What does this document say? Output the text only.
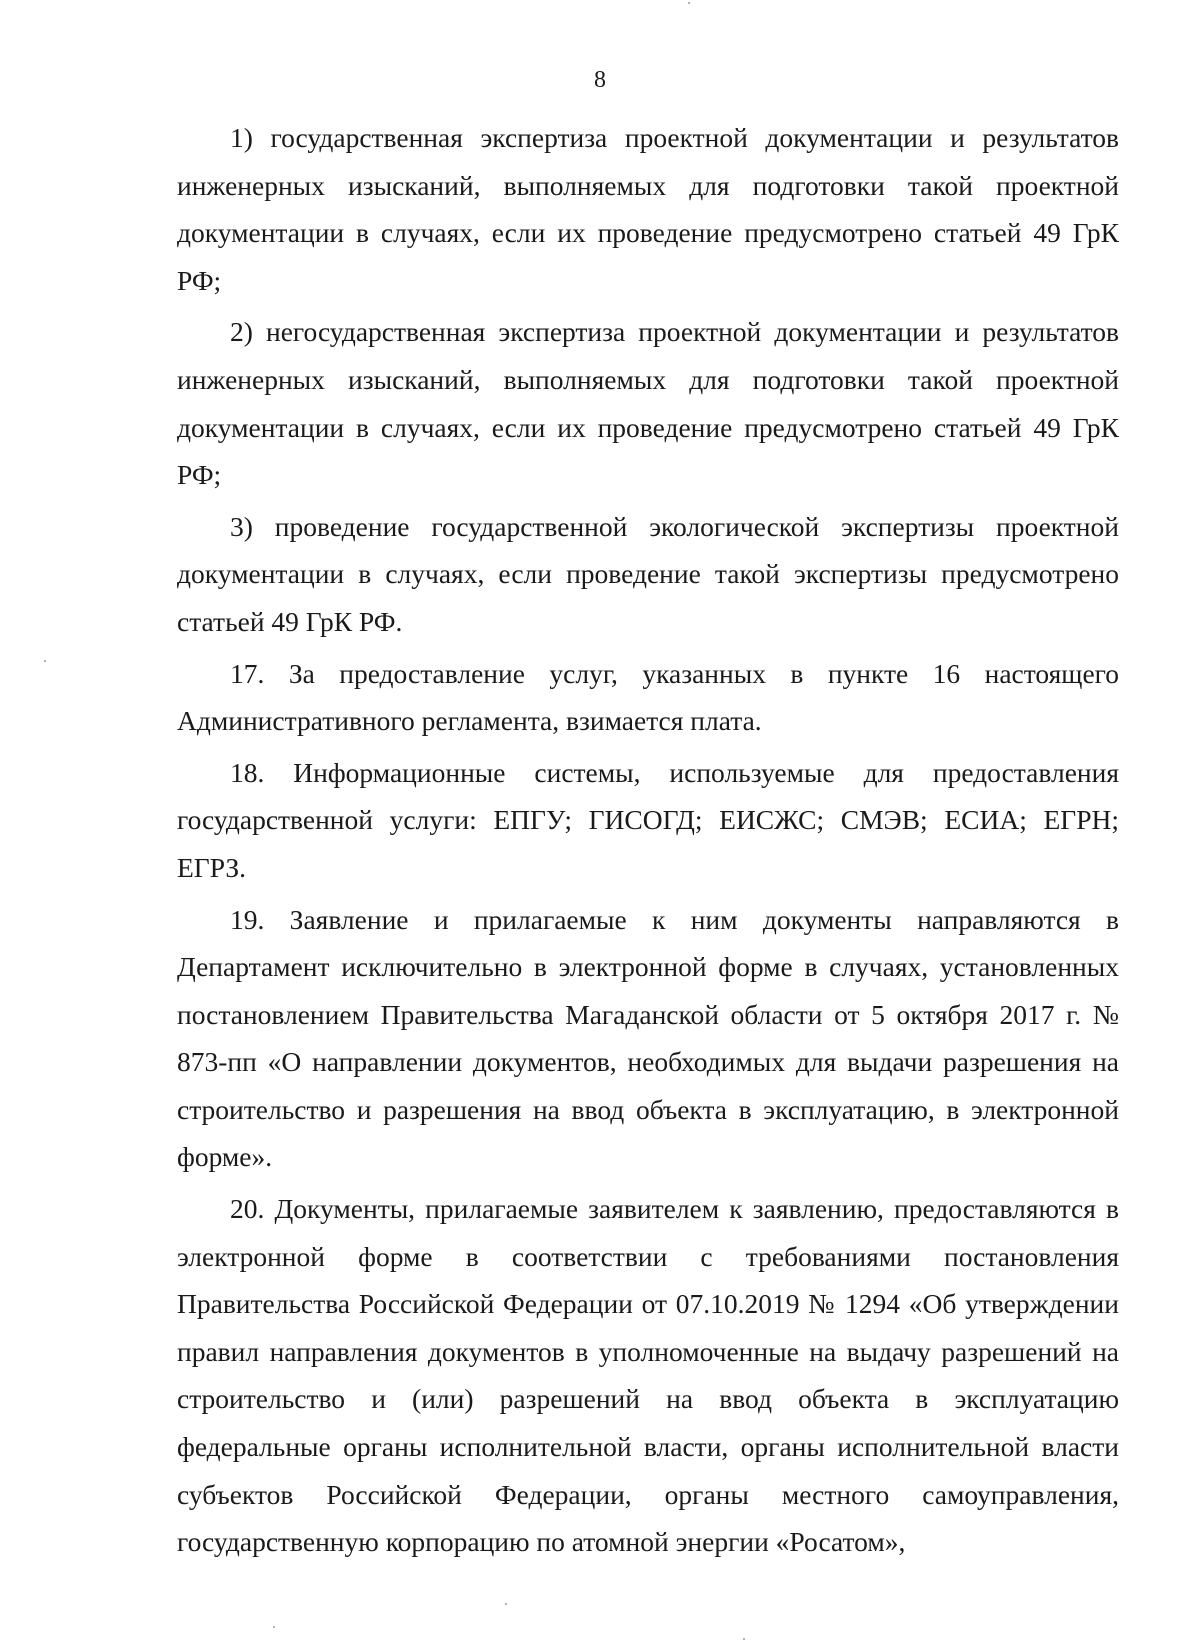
8

1) государственная экспертиза проектной документации и результатов инженерных изысканий, выполняемых для подготовки такой проектной документации в случаях, если их проведение предусмотрено статьей 49 ГрК РФ;

2) негосударственная экспертиза проектной документации и результатов инженерных изысканий, выполняемых для подготовки такой проектной документации в случаях, если их проведение предусмотрено статьей 49 ГрК РФ;

3) проведение государственной экологической экспертизы проектной документации в случаях, если проведение такой экспертизы предусмотрено статьей 49 ГрК РФ.

17. За предоставление услуг, указанных в пункте 16 настоящего Административного регламента, взимается плата.

18. Информационные системы, используемые для предоставления государственной услуги: ЕПГУ; ГИСОГД; ЕИСЖС; СМЭВ; ЕСИА; ЕГРН; ЕГРЗ.

19. Заявление и прилагаемые к ним документы направляются в Департамент исключительно в электронной форме в случаях, установленных постановлением Правительства Магаданской области от 5 октября 2017 г. № 873-пп «О направлении документов, необходимых для выдачи разрешения на строительство и разрешения на ввод объекта в эксплуатацию, в электронной форме».

20. Документы, прилагаемые заявителем к заявлению, предоставляются в электронной форме в соответствии с требованиями постановления Правительства Российской Федерации от 07.10.2019 № 1294 «Об утверждении правил направления документов в уполномоченные на выдачу разрешений на строительство и (или) разрешений на ввод объекта в эксплуатацию федеральные органы исполнительной власти, органы исполнительной власти субъектов Российской Федерации, органы местного самоуправления, государственную корпорацию по атомной энергии «Росатом»,
